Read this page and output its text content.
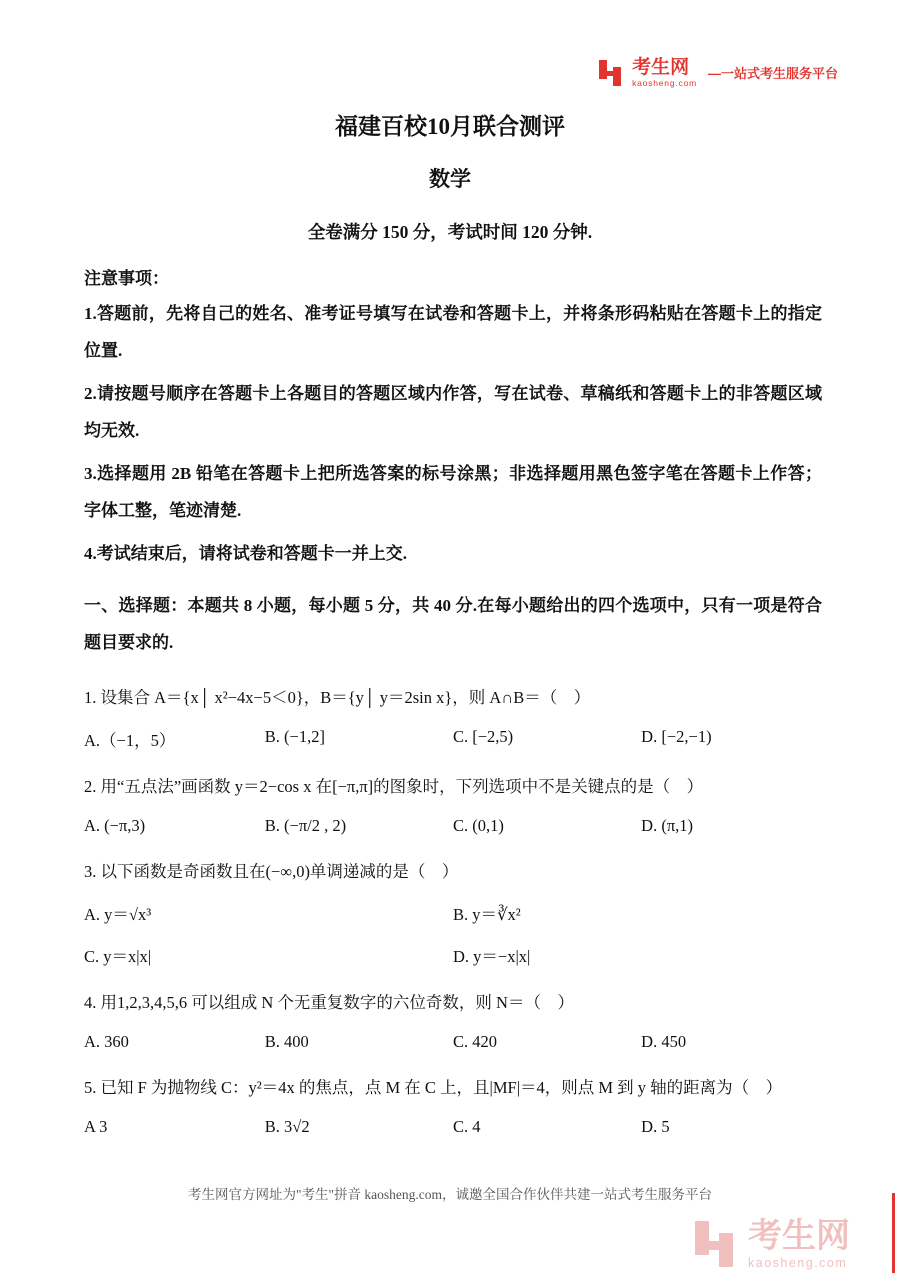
考生网
kaosheng.com
—一站式考生服务平台
福建百校10月联合测评
数学

全卷满分 150 分，考试时间 120 分钟.

注意事项：

1.答题前，先将自己的姓名、准考证号填写在试卷和答题卡上，并将条形码粘贴在答题卡上的指定位置.

2.请按题号顺序在答题卡上各题目的答题区域内作答，写在试卷、草稿纸和答题卡上的非答题区域均无效.

3.选择题用 2B 铅笔在答题卡上把所选答案的标号涂黑；非选择题用黑色签字笔在答题卡上作答；字体工整，笔迹清楚.

4.考试结束后，请将试卷和答题卡一并上交.

一、选择题：本题共 8 小题，每小题 5 分，共 40 分.在每小题给出的四个选项中，只有一项是符合题目要求的.

1. 设集合 A＝{x│ x²−4x−5＜0}，B＝{y│ y＝2sin x}，则 A∩B＝（　）

A.（−1，5）	B. (−1,2]	C. [−2,5)	D. [−2,−1)

2. 用“五点法”画函数 y＝2−cos x 在[−π,π]的图象时，下列选项中不是关键点的是（　）

A. (−π,3)	B. (−π/2 , 2)	C. (0,1)	D. (π,1)

3. 以下函数是奇函数且在(−∞,0)单调递减的是（　）

A. y＝√x³	B. y＝∛x²
C. y＝x|x|	D. y＝−x|x|

4. 用1,2,3,4,5,6 可以组成 N 个无重复数字的六位奇数，则 N＝（　）

A. 360	B. 400	C. 420	D. 450

5. 已知 F 为抛物线 C：y²＝4x 的焦点，点 M 在 C 上，且|MF|＝4，则点 M 到 y 轴的距离为（　）

A 3	B. 3√2	C. 4	D. 5
考生网官方网址为"考生"拼音 kaosheng.com，诚邀全国合作伙伴共建一站式考生服务平台
考生网
kaosheng.com
